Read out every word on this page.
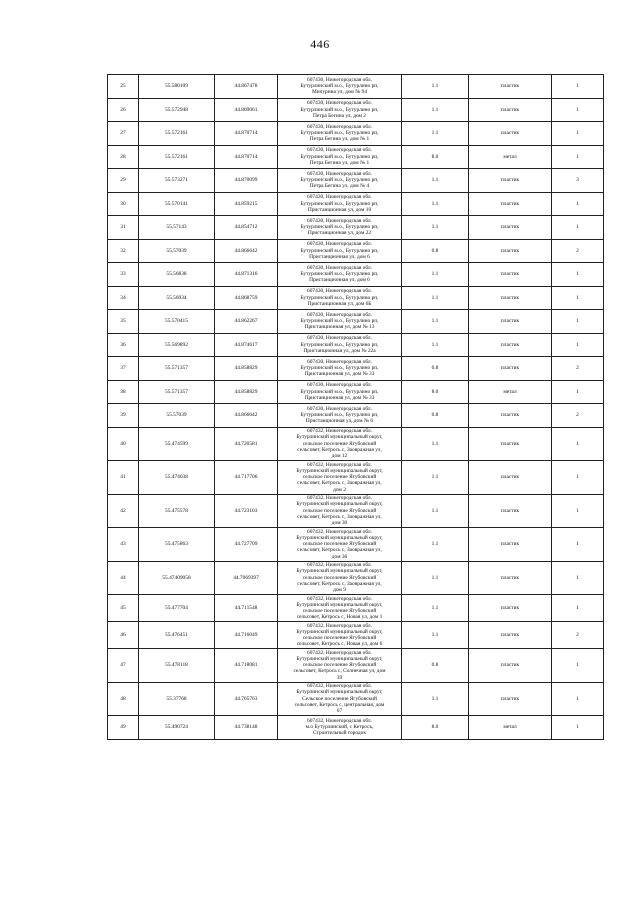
446
25	55.580109	44.867478	607430, Нижегородская обл.
Бутурлинский м.о., Бутурлино рп,
Мичурина ул, дом № 94	1.1	пластик	1
26	55.572948	44.869061	607430, Нижегородская обл.
Бутурлинский м.о., Бутурлино рп,
Петра Бегина ул, дом 2	1.1	пластик	1
27	55.572161	44.870714	607430, Нижегородская обл.
Бутурлинский м.о., Бутурлино рп,
Петра Бегина ул, дом № 1	1.1	пластик	1
28	55.572161	44.870714	607430, Нижегородская обл.
Бутурлинский м.о., Бутурлино рп,
Петра Бегина ул, дом № 1	8.0	метал	1
29	55.573271	44.870099	607430, Нижегородская обл.
Бутурлинский м.о., Бутурлино рп,
Петра Бегина ул, дом № 4	1.1	пластик	3
30	55.570141	44.859215	607430, Нижегородская обл.
Бутурлинский м.о., Бутурлино рп,
Пристанционная ул, дом 10	1.1	пластик	1
31	55.57143	44.854712	607430, Нижегородская обл.
Бутурлинский м.о., Бутурлино рп,
Пристанционная ул, дом 22	1.1	пластик	1
32	55.57039	44.866642	607430, Нижегородская обл.
Бутурлинский м.о., Бутурлино рп,
Пристанционная ул, дом 6	0.8	пластик	2
33	55.56838	44.871316	607430, Нижегородская обл.
Бутурлинский м.о., Бутурлино рп,
Пристанционная ул, дом 6	1.1	пластик	1
34	55.56934	44.868759	607430, Нижегородская обл.
Бутурлинский м.о., Бутурлино рп,
Пристанционная ул, дом 6Б	1.1	пластик	1
35	55.570415	44.862267	607430, Нижегородская обл.
Бутурлинский м.о., Бутурлино рп,
Пристанционная ул, дом № 13	1.1	пластик	1
36	55.569892	44.874617	607430, Нижегородская обл.
Бутурлинский м.о., Бутурлино рп,
Пристанционная ул, дом № 22а	1.1	пластик	1
37	55.571357	44.858829	607430, Нижегородская обл.
Бутурлинский м.о., Бутурлино рп,
Пристанционная ул, дом № 33	0.8	пластик	2
38	55.571357	44.858829	607430, Нижегородская обл.
Бутурлинский м.о., Бутурлино рп,
Пристанционная ул, дом № 33	8.0	метал	1
39	55.57039	44.866642	607430, Нижегородская обл.
Бутурлинский м.о., Бутурлино рп,
Пристанционная ул, дом № 6	0.8	пластик	2
40	55.474599	44.720581	607432, Нижегородская обл.
Бутурлинский муниципальный округ,
сельское поселение Ягубовский
сельсовет, Кетрось с, Заовражная ул,
дом 12	1.1	пластик	1
41	55.474038	44.717706	607432, Нижегородская обл.
Бутурлинский муниципальный округ,
сельское поселение Ягубовский
сельсовет, Кетрось с, Заовражная ул,
дом 2	1.1	пластик	1
42	55.475578	44.723103	607432, Нижегородская обл.
Бутурлинский муниципальный округ,
сельское поселение Ягубовский
сельсовет, Кетрось с, Заовражная ул,
дом 30	1.1	пластик	1
43	55.475863	44.727709	607432, Нижегородская обл.
Бутурлинский муниципальный округ,
сельское поселение Ягубовский
сельсовет, Кетрось с, Заовражная ул,
дом 36	1.1	пластик	1
44	55.47409058	44.7069397	607432, Нижегородская обл.
Бутурлинский муниципальный округ,
сельское поселение Ягубовский
сельсовет, Кетрось с, Заовражная ул,
дом 9	1.1	пластик	1
45	55.477704	44.711548	607432, Нижегородская обл.
Бутурлинский муниципальный округ,
сельское поселение Ягубовский
сельсовет, Кетрось с, Новая ул, дом 1	1.1	пластик	1
46	55.476451	44.716049	607432, Нижегородская обл.
Бутурлинский муниципальный округ,
сельское поселение Ягубовский
сельсовет, Кетрось с, Новая ул, дом 6	1.1	пластик	2
47	55.478118	44.718081	607432, Нижегородская обл.
Бутурлинский муниципальный округ,
сельское поселение Ягубовский
сельсовет, Кетрось с, Солнечная ул, дом
39	0.8	пластик	1
48	55.37768	44.765763	607432, Нижегородская обл.
Бутурлинский муниципальный округ,
Сельское поселение Ягубовский
сельсовет, Кетрось с, центральная, дом
67	1.1	пластик	1
49	55.490724	44.738148	607432, Нижегородская обл.
м.о Бутурлинский, с Кетрось,
Строительный городок	8.0	метал	1
